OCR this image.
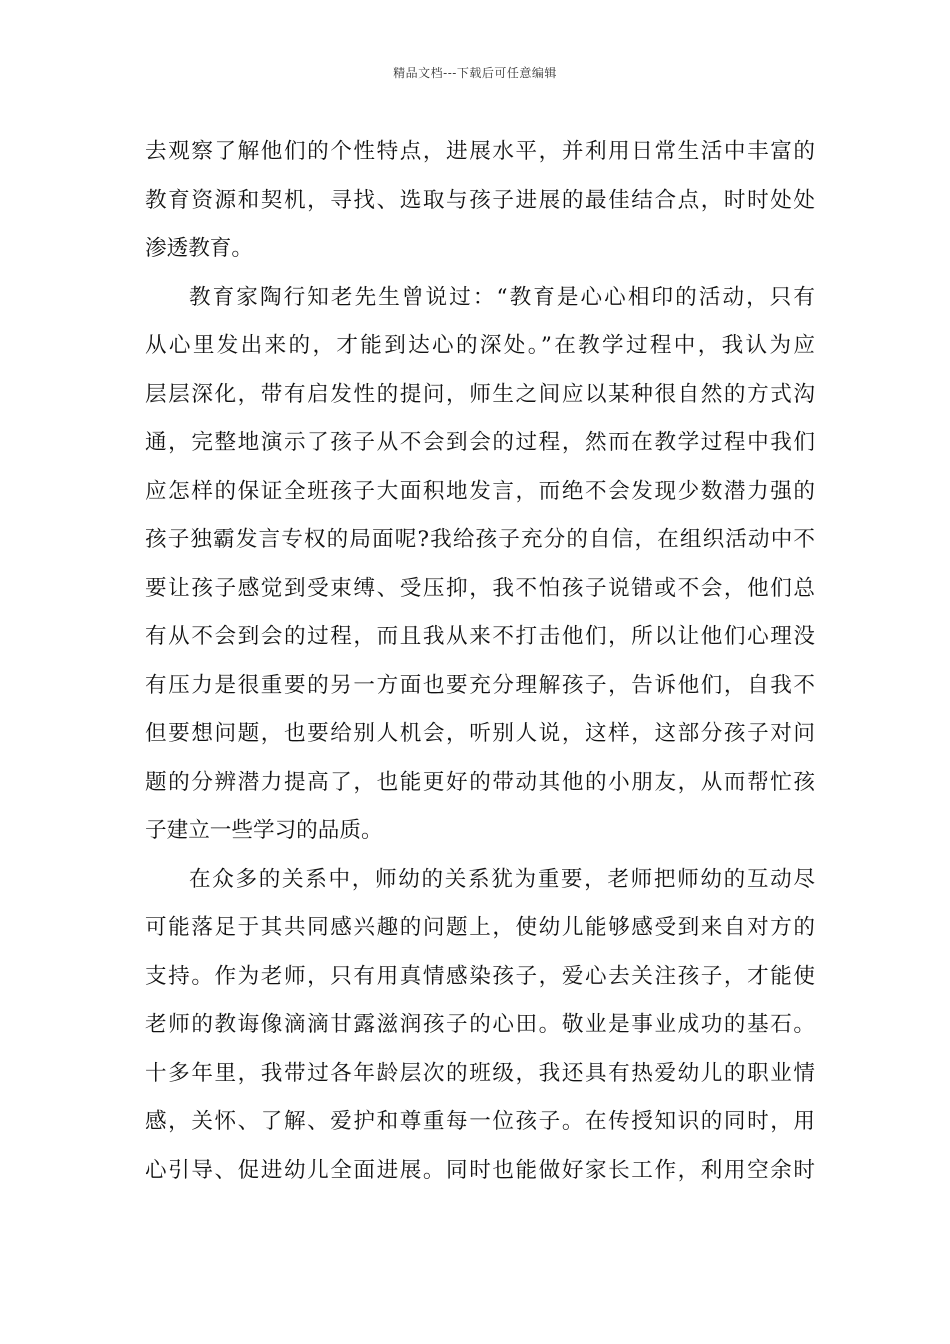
精品文档---下载后可任意编辑
去观察了解他们的个性特点，进展水平，并利用日常生活中丰富的
教育资源和契机，寻找、选取与孩子进展的最佳结合点，时时处处
渗透教育。
教育家陶行知老先生曾说过：“教育是心心相印的活动，只有
从心里发出来的，才能到达心的深处。”在教学过程中，我认为应
层层深化，带有启发性的提问，师生之间应以某种很自然的方式沟
通，完整地演示了孩子从不会到会的过程，然而在教学过程中我们
应怎样的保证全班孩子大面积地发言，而绝不会发现少数潜力强的
孩子独霸发言专权的局面呢?我给孩子充分的自信，在组织活动中不
要让孩子感觉到受束缚、受压抑，我不怕孩子说错或不会，他们总
有从不会到会的过程，而且我从来不打击他们，所以让他们心理没
有压力是很重要的另一方面也要充分理解孩子，告诉他们，自我不
但要想问题，也要给别人机会，听别人说，这样，这部分孩子对问
题的分辨潜力提高了，也能更好的带动其他的小朋友，从而帮忙孩
子建立一些学习的品质。
在众多的关系中，师幼的关系犹为重要，老师把师幼的互动尽
可能落足于其共同感兴趣的问题上，使幼儿能够感受到来自对方的
支持。作为老师，只有用真情感染孩子，爱心去关注孩子，才能使
老师的教诲像滴滴甘露滋润孩子的心田。敬业是事业成功的基石。
十多年里，我带过各年龄层次的班级，我还具有热爱幼儿的职业情
感，关怀、了解、爱护和尊重每一位孩子。在传授知识的同时，用
心引导、促进幼儿全面进展。同时也能做好家长工作，利用空余时
